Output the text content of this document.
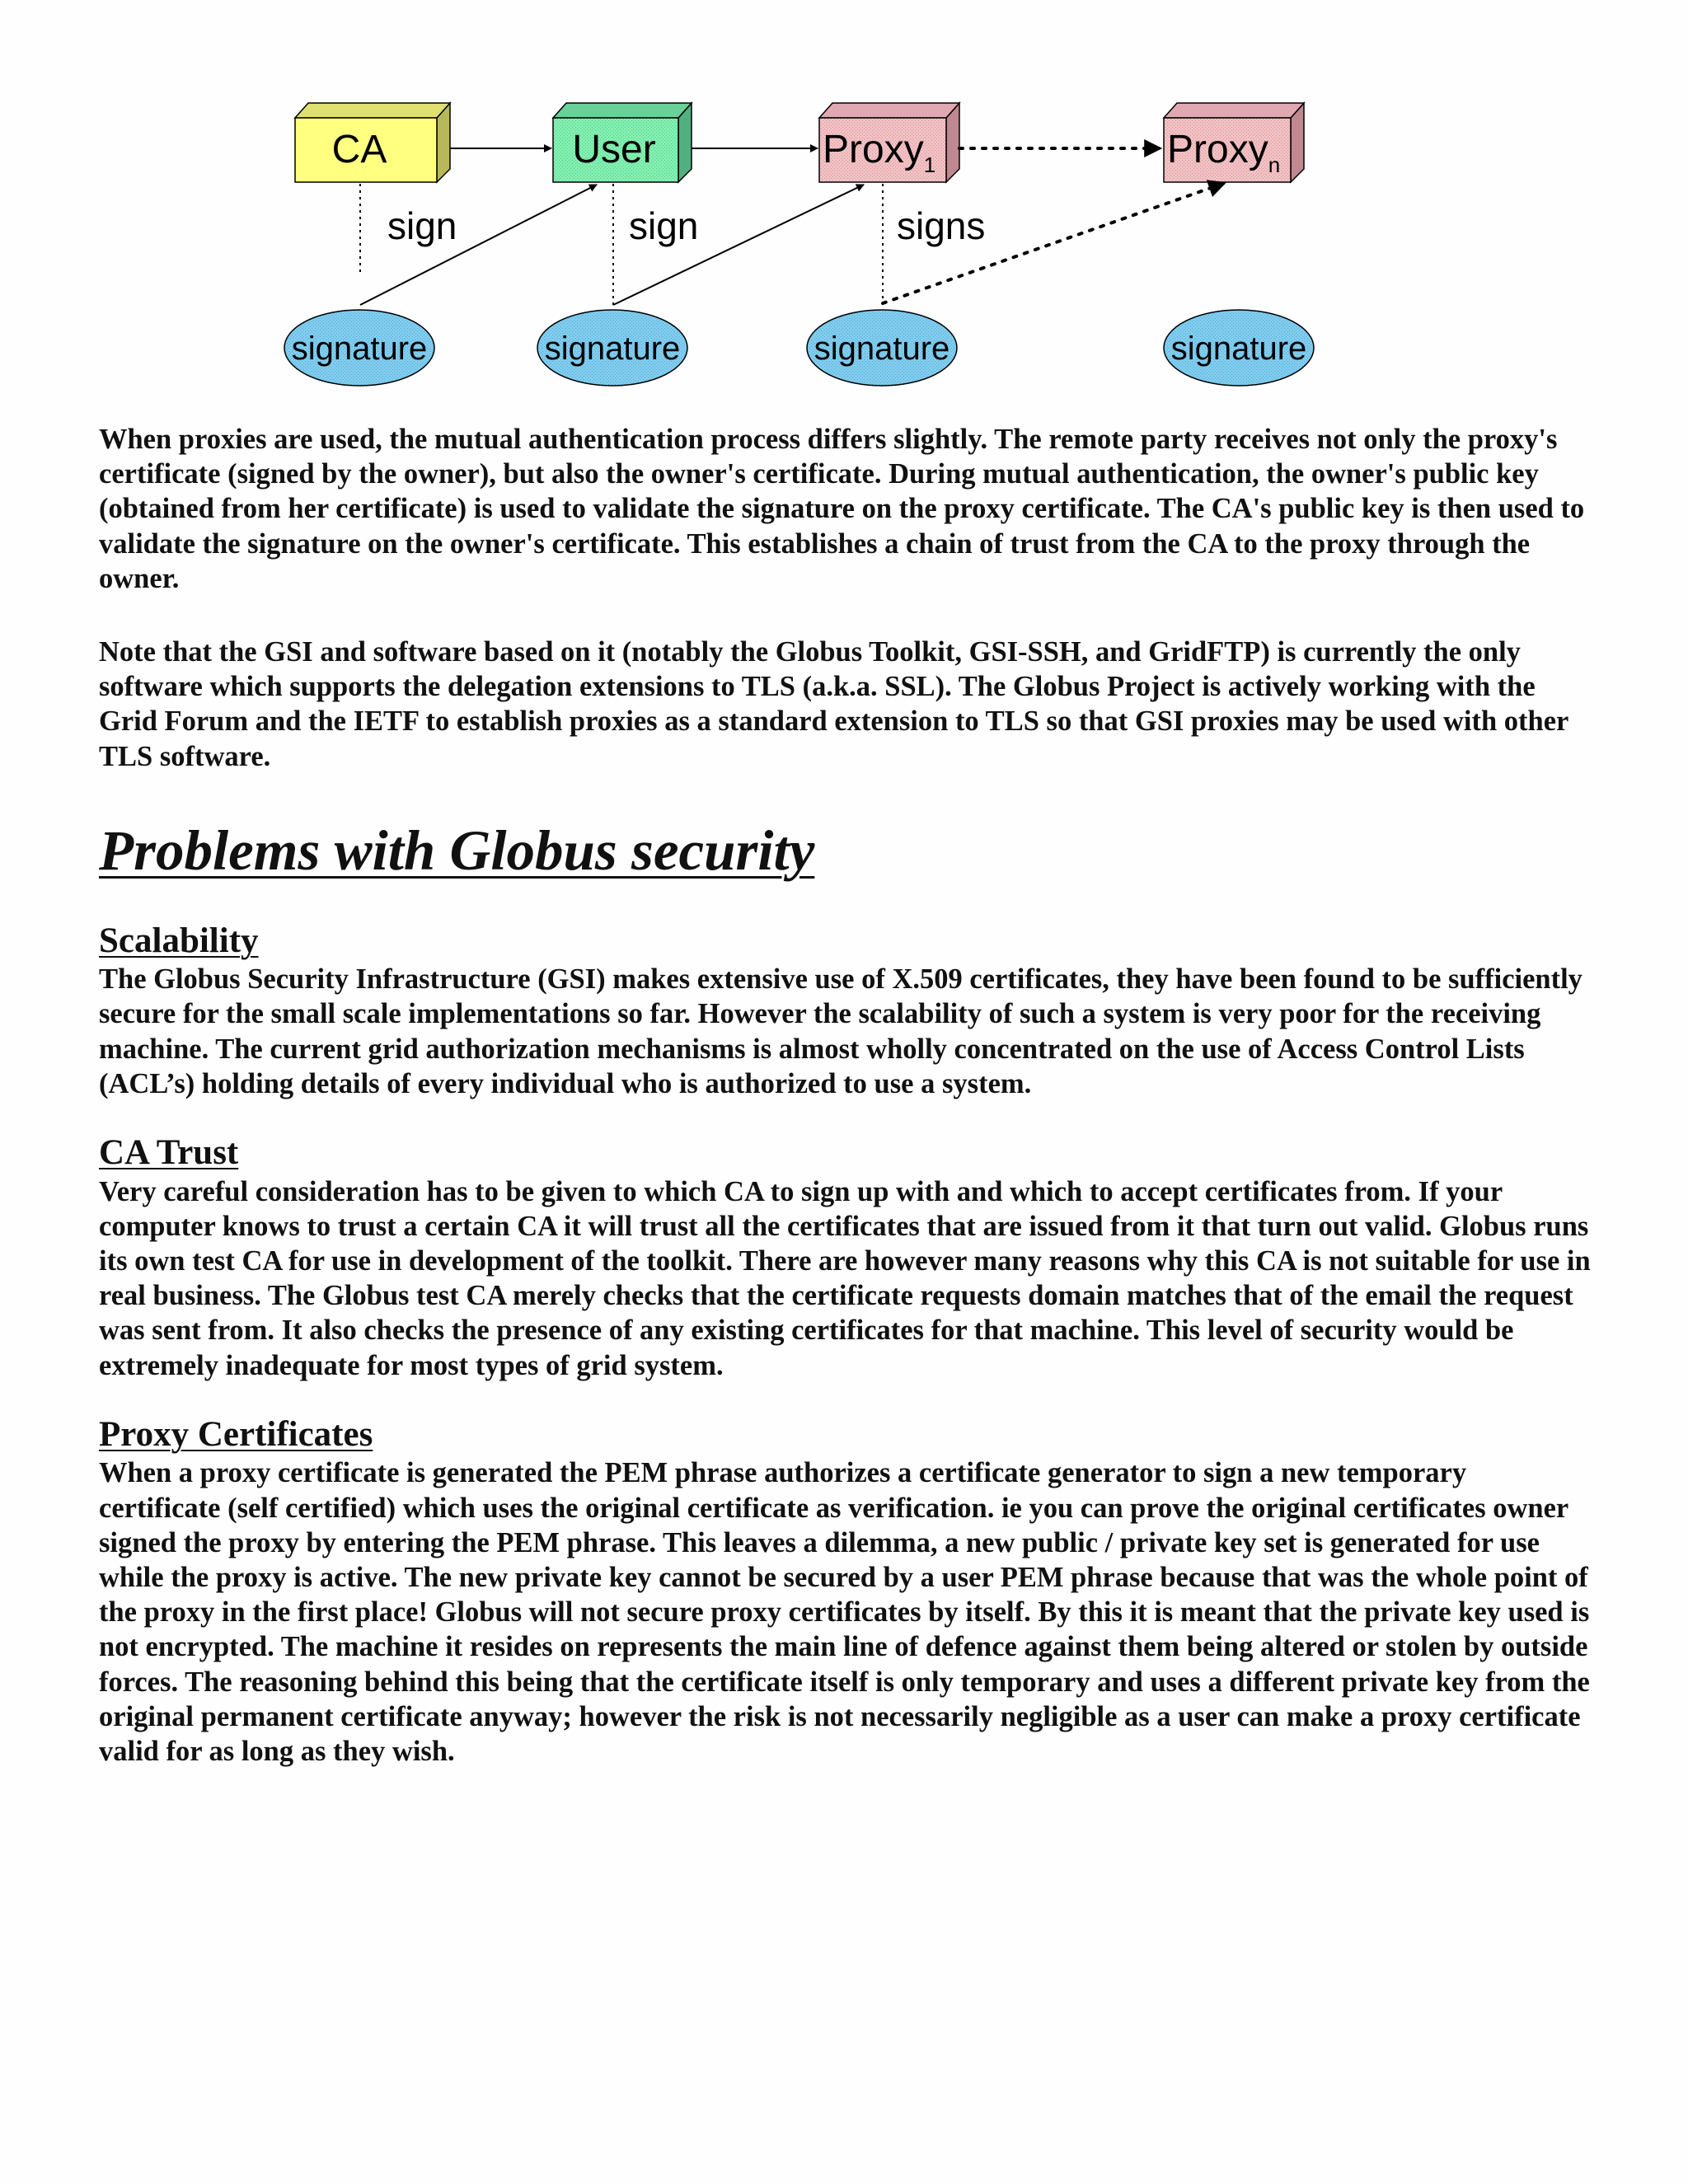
CA	User	Proxy$_1$	Proxy$_n$
sign	sign	signs
signature	signature	signature	signature

When proxies are used, the mutual authentication process differs slightly. The remote party receives not only the proxy's certificate (signed by the owner), but also the owner's certificate. During mutual authentication, the owner's public key (obtained from her certificate) is used to validate the signature on the proxy certificate. The CA's public key is then used to validate the signature on the owner's certificate. This establishes a chain of trust from the CA to the proxy through the owner.

Note that the GSI and software based on it (notably the Globus Toolkit, GSI-SSH, and GridFTP) is currently the only software which supports the delegation extensions to TLS (a.k.a. SSL). The Globus Project is actively working with the Grid Forum and the IETF to establish proxies as a standard extension to TLS so that GSI proxies may be used with other TLS software.

Problems with Globus security
Scalability

The Globus Security Infrastructure (GSI) makes extensive use of X.509 certificates, they have been found to be sufficiently secure for the small scale implementations so far. However the scalability of such a system is very poor for the receiving machine. The current grid authorization mechanisms is almost wholly concentrated on the use of Access Control Lists (ACL’s) holding details of every individual who is authorized to use a system.

CA Trust

Very careful consideration has to be given to which CA to sign up with and which to accept certificates from. If your computer knows to trust a certain CA it will trust all the certificates that are issued from it that turn out valid. Globus runs its own test CA for use in development of the toolkit. There are however many reasons why this CA is not suitable for use in real business. The Globus test CA merely checks that the certificate requests domain matches that of the email the request was sent from. It also checks the presence of any existing certificates for that machine. This level of security would be extremely inadequate for most types of grid system.

Proxy Certificates

When a proxy certificate is generated the PEM phrase authorizes a certificate generator to sign a new temporary certificate (self certified) which uses the original certificate as verification. ie you can prove the original certificates owner signed the proxy by entering the PEM phrase. This leaves a dilemma, a new public / private key set is generated for use while the proxy is active. The new private key cannot be secured by a user PEM phrase because that was the whole point of the proxy in the first place! Globus will not secure proxy certificates by itself. By this it is meant that the private key used is not encrypted. The machine it resides on represents the main line of defence against them being altered or stolen by outside forces. The reasoning behind this being that the certificate itself is only temporary and uses a different private key from the original permanent certificate anyway; however the risk is not necessarily negligible as a user can make a proxy certificate valid for as long as they wish.
